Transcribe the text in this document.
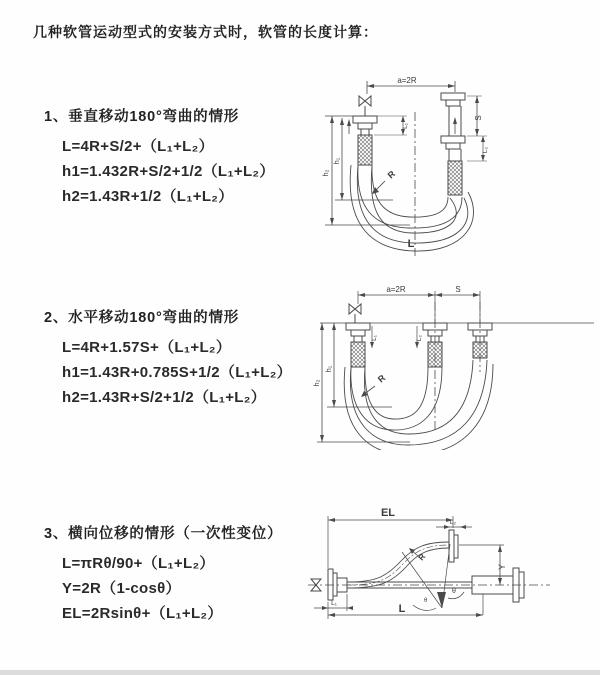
几种软管运动型式的安装方式时，软管的长度计算：

1、垂直移动180°弯曲的情形

L=4R+S/2+（L₁+L₂）
h1=1.432R+S/2+1/2（L₁+L₂）
h2=1.43R+1/2（L₁+L₂）

2、水平移动180°弯曲的情形

L=4R+1.57S+（L₁+L₂）
h1=1.43R+0.785S+1/2（L₁+L₂）
h2=1.43R+S/2+1/2（L₁+L₂）

3、横向位移的情形（一次性变位）

L=πRθ/90+（L₁+L₂）
Y=2R（1-cosθ）
EL=2Rsinθ+（L₁+L₂）
a=2R
S
L₂
L₁
h₂
h₁
R
L
a=2R	S
L₁	L₂
h₂
h₁
R
EL
L₂
Y
R
θ
θ
L
L₁
